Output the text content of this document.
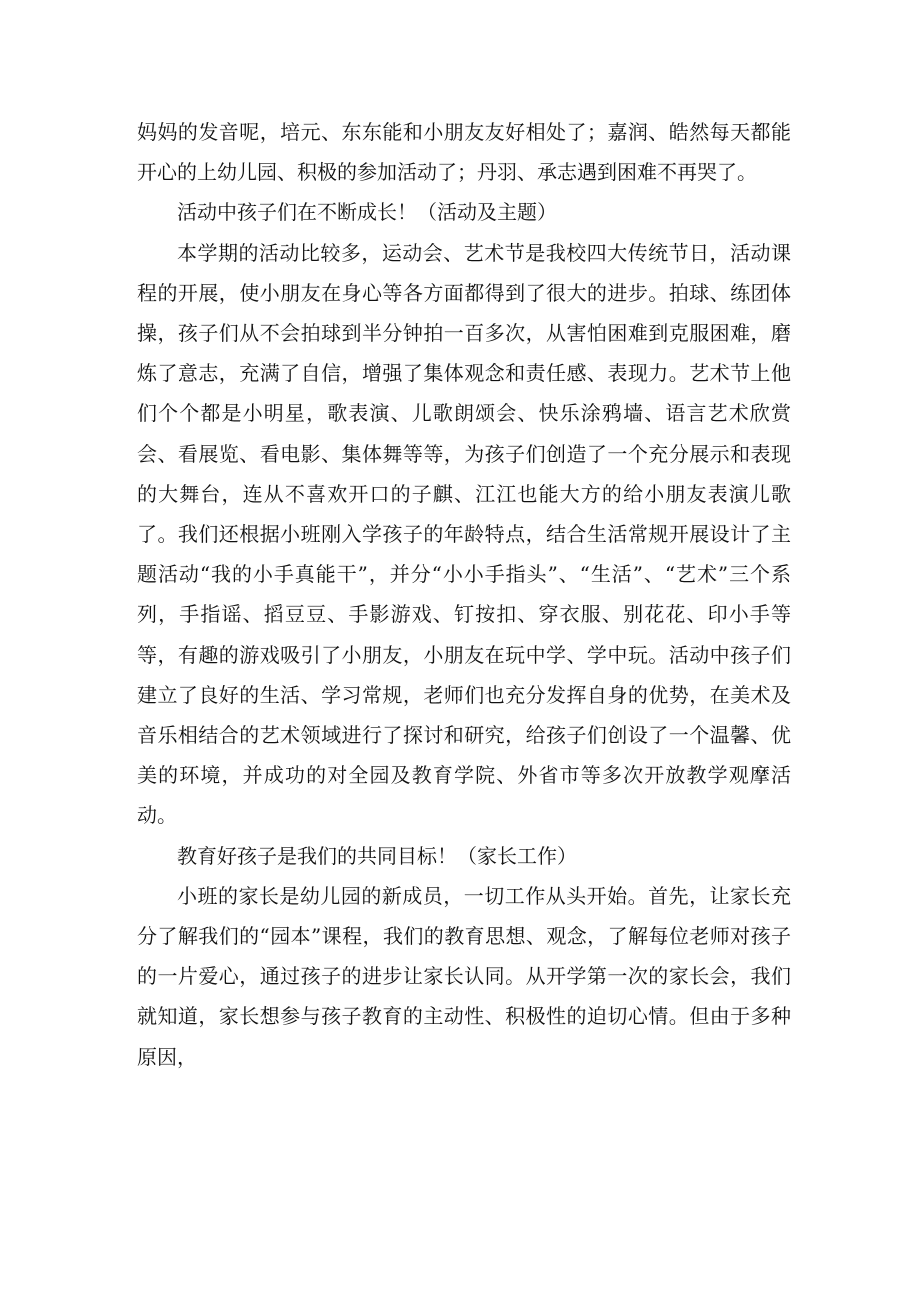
妈妈的发音呢，培元、东东能和小朋友友好相处了；嘉润、皓然每天都能开心的上幼儿园、积极的参加活动了；丹羽、承志遇到困难不再哭了。

活动中孩子们在不断成长！（活动及主题）

本学期的活动比较多，运动会、艺术节是我校四大传统节日，活动课程的开展，使小朋友在身心等各方面都得到了很大的进步。拍球、练团体操，孩子们从不会拍球到半分钟拍一百多次，从害怕困难到克服困难，磨炼了意志，充满了自信，增强了集体观念和责任感、表现力。艺术节上他们个个都是小明星，歌表演、儿歌朗颂会、快乐涂鸦墙、语言艺术欣赏会、看展览、看电影、集体舞等等，为孩子们创造了一个充分展示和表现的大舞台，连从不喜欢开口的子麒、江江也能大方的给小朋友表演儿歌了。我们还根据小班刚入学孩子的年龄特点，结合生活常规开展设计了主题活动“我的小手真能干”，并分“小小手指头”、“生活”、“艺术”三个系列，手指谣、搯豆豆、手影游戏、钉按扣、穿衣服、别花花、印小手等等，有趣的游戏吸引了小朋友，小朋友在玩中学、学中玩。活动中孩子们建立了良好的生活、学习常规，老师们也充分发挥自身的优势，在美术及音乐相结合的艺术领域进行了探讨和研究，给孩子们创设了一个温馨、优美的环境，并成功的对全园及教育学院、外省市等多次开放教学观摩活动。

教育好孩子是我们的共同目标！（家长工作）

小班的家长是幼儿园的新成员，一切工作从头开始。首先，让家长充分了解我们的“园本”课程，我们的教育思想、观念，了解每位老师对孩子的一片爱心，通过孩子的进步让家长认同。从开学第一次的家长会，我们就知道，家长想参与孩子教育的主动性、积极性的迫切心情。但由于多种原因，
